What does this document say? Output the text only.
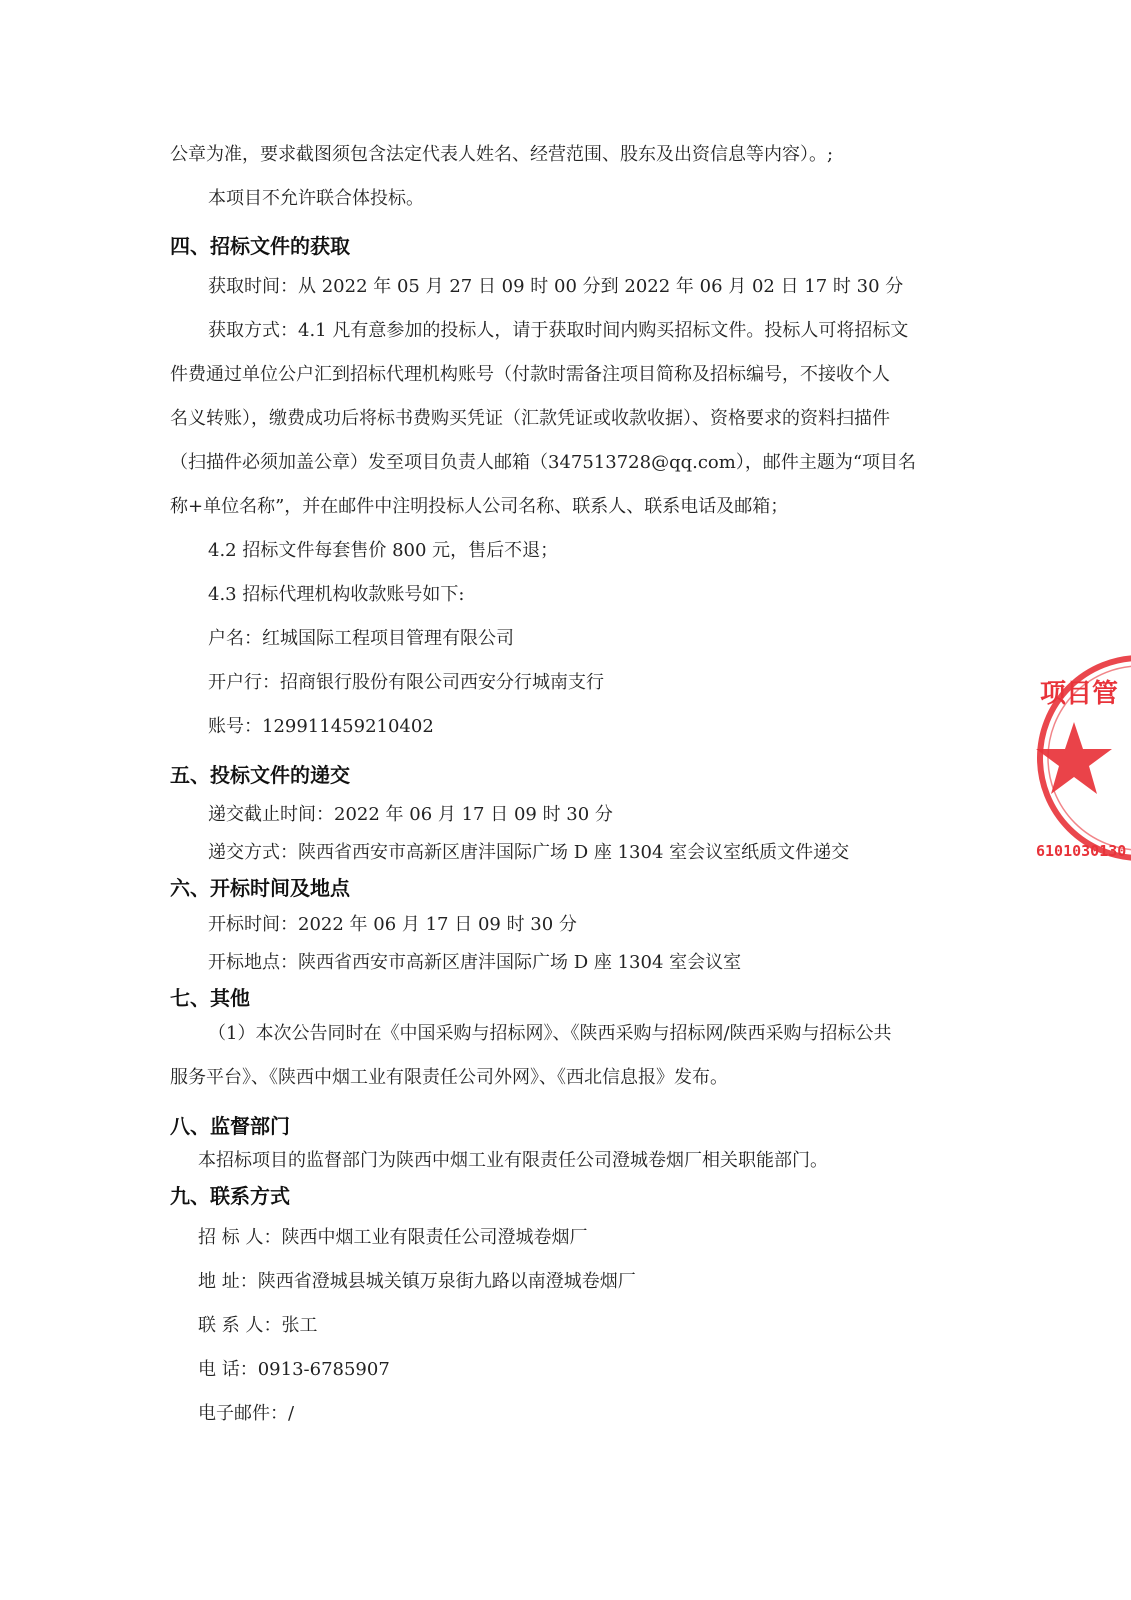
公章为准，要求截图须包含法定代表人姓名、经营范围、股东及出资信息等内容）。;
本项目不允许联合体投标。
四、招标文件的获取
获取时间：从 2022 年 05 月 27 日 09 时 00 分到 2022 年 06 月 02 日 17 时 30 分
获取方式：4.1 凡有意参加的投标人，请于获取时间内购买招标文件。投标人可将招标文
件费通过单位公户汇到招标代理机构账号（付款时需备注项目简称及招标编号，不接收个人
名义转账），缴费成功后将标书费购买凭证（汇款凭证或收款收据）、资格要求的资料扫描件
（扫描件必须加盖公章）发至项目负责人邮箱（347513728@qq.com），邮件主题为“项目名
称+单位名称”，并在邮件中注明投标人公司名称、联系人、联系电话及邮箱；
4.2 招标文件每套售价 800 元，售后不退；
4.3 招标代理机构收款账号如下:
户名：红城国际工程项目管理有限公司
开户行：招商银行股份有限公司西安分行城南支行
账号：129911459210402
五、投标文件的递交
递交截止时间：2022 年 06 月 17 日 09 时 30 分
递交方式：陕西省西安市高新区唐沣国际广场 D 座 1304 室会议室纸质文件递交
六、开标时间及地点
开标时间：2022 年 06 月 17 日 09 时 30 分
开标地点：陕西省西安市高新区唐沣国际广场 D 座 1304 室会议室
七、其他
（1）本次公告同时在《中国采购与招标网》、《陕西采购与招标网/陕西采购与招标公共
服务平台》、《陕西中烟工业有限责任公司外网》、《西北信息报》发布。
八、监督部门
本招标项目的监督部门为陕西中烟工业有限责任公司澄城卷烟厂相关职能部门。
九、联系方式
招 标 人：陕西中烟工业有限责任公司澄城卷烟厂
地 址：陕西省澄城县城关镇万泉街九路以南澄城卷烟厂
联 系 人：张工
电 话：0913-6785907
电子邮件：/
项目管
6101030130
